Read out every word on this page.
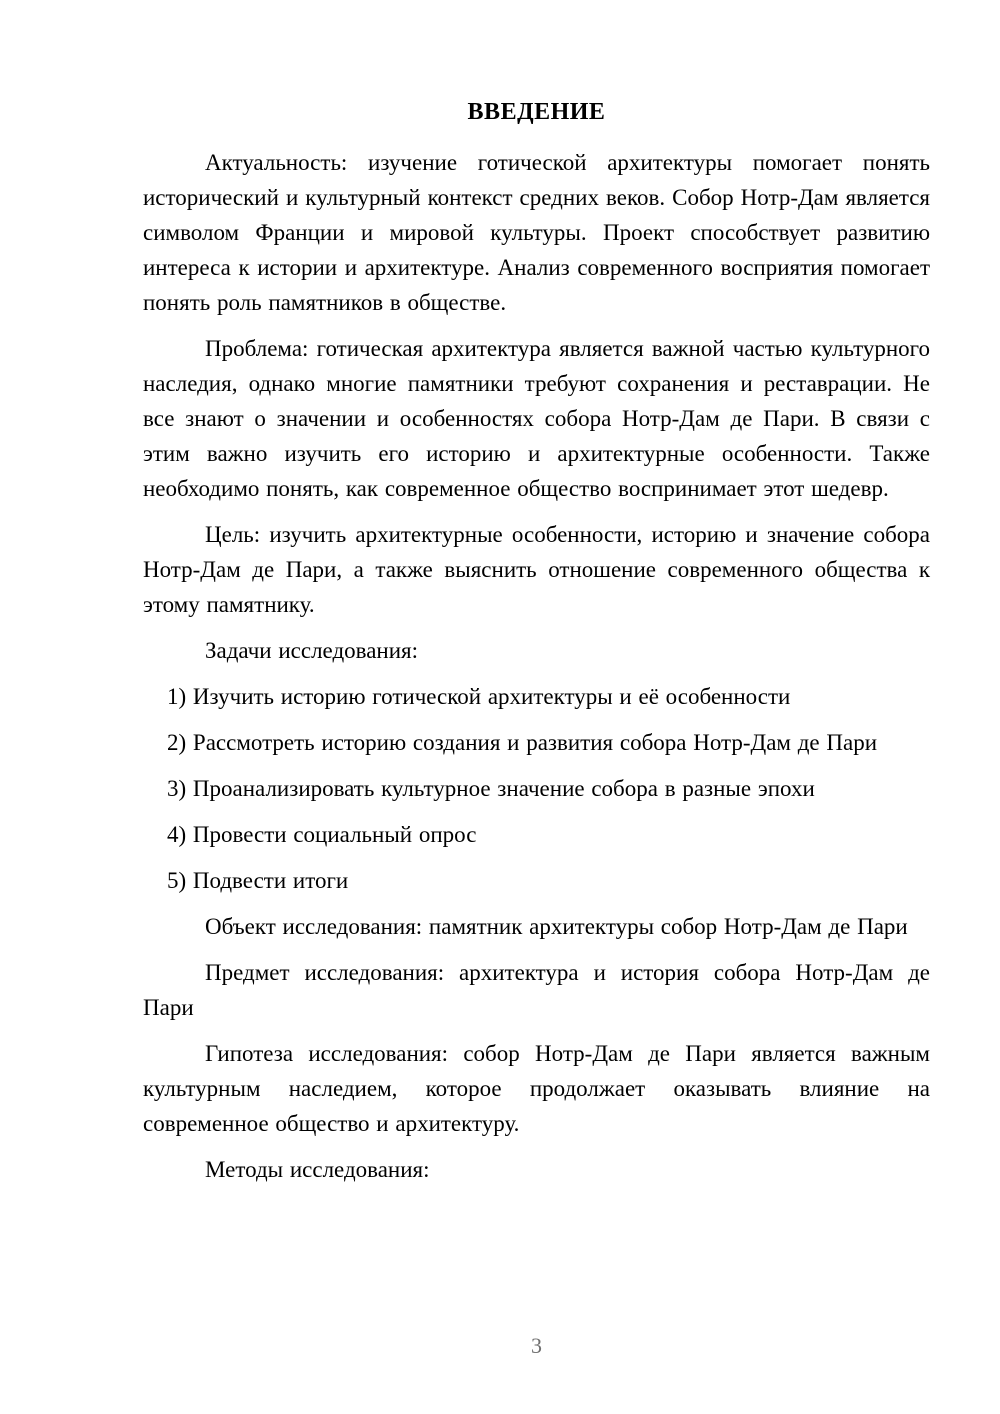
ВВЕДЕНИЕ

Актуальность: изучение готической архитектуры помогает понять исторический и культурный контекст средних веков. Собор Нотр-Дам является символом Франции и мировой культуры. Проект способствует развитию интереса к истории и архитектуре. Анализ современного восприятия помогает понять роль памятников в обществе.

Проблема: готическая архитектура является важной частью культурного наследия, однако многие памятники требуют сохранения и реставрации. Не все знают о значении и особенностях собора Нотр-Дам де Пари. В связи с этим важно изучить его историю и архитектурные особенности. Также необходимо понять, как современное общество воспринимает этот шедевр.

Цель: изучить архитектурные особенности, историю и значение собора Нотр-Дам де Пари, а также выяснить отношение современного общества к этому памятнику.

Задачи исследования:

1) Изучить историю готической архитектуры и её особенности

2) Рассмотреть историю создания и развития собора Нотр-Дам де Пари

3) Проанализировать культурное значение собора в разные эпохи

4) Провести социальный опрос

5) Подвести итоги

Объект исследования: памятник архитектуры собор Нотр-Дам де Пари

Предмет исследования: архитектура и история собора Нотр-Дам де Пари

Гипотеза исследования: собор Нотр-Дам де Пари является важным культурным наследием, которое продолжает оказывать влияние на современное общество и архитектуру.

Методы исследования:

3
